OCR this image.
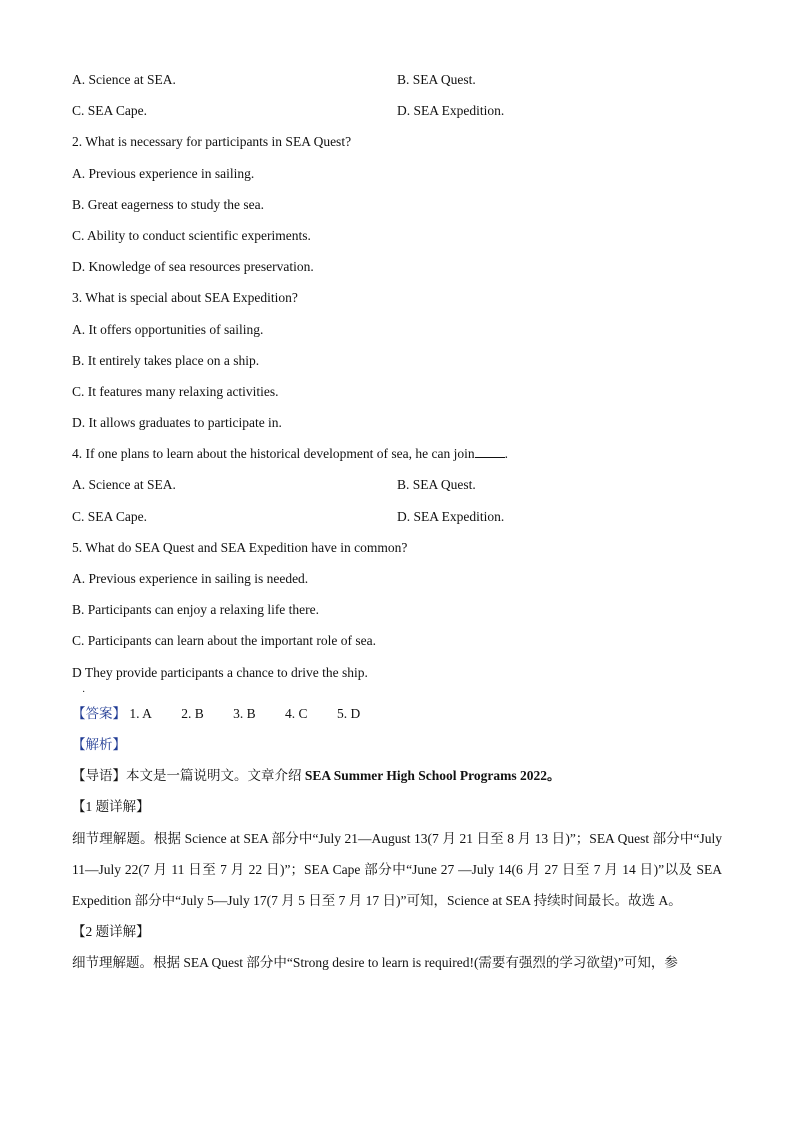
A. Science at SEA.	B. SEA Quest.
C. SEA Cape.	D. SEA Expedition.
2. What is necessary for participants in SEA Quest?
A. Previous experience in sailing.
B. Great eagerness to study the sea.
C. Ability to conduct scientific experiments.
D. Knowledge of sea resources preservation.
3. What is special about SEA Expedition?
A. It offers opportunities of sailing.
B. It entirely takes place on a ship.
C. It features many relaxing activities.
D. It allows graduates to participate in.
4. If one plans to learn about the historical development of sea, he can join .
A. Science at SEA.	B. SEA Quest.
C. SEA Cape.	D. SEA Expedition.
5. What do SEA Quest and SEA Expedition have in common?
A. Previous experience in sailing is needed.
B. Participants can enjoy a relaxing life there.
C. Participants can learn about the important role of sea.
D They provide participants a chance to drive the ship.
·
【答案】 1. A 2. B 3. B 4. C 5. D
【解析】
【导语】本文是一篇说明文。文章介绍 SEA Summer High School Programs 2022。
【1 题详解】
细节理解题。根据 Science at SEA 部分中“July 21—August 13(7 月 21 日至 8 月 13 日)”；SEA Quest 部分中“July 11—July 22(7 月 11 日至 7 月 22 日)”；SEA Cape 部分中“June 27 —July 14(6 月 27 日至 7 月 14 日)”以及 SEA Expedition 部分中“July 5—July 17(7 月 5 日至 7 月 17 日)”可知，Science at SEA 持续时间最长。故选 A。
【2 题详解】
细节理解题。根据 SEA Quest 部分中“Strong desire to learn is required!(需要有强烈的学习欲望)”可知，参
